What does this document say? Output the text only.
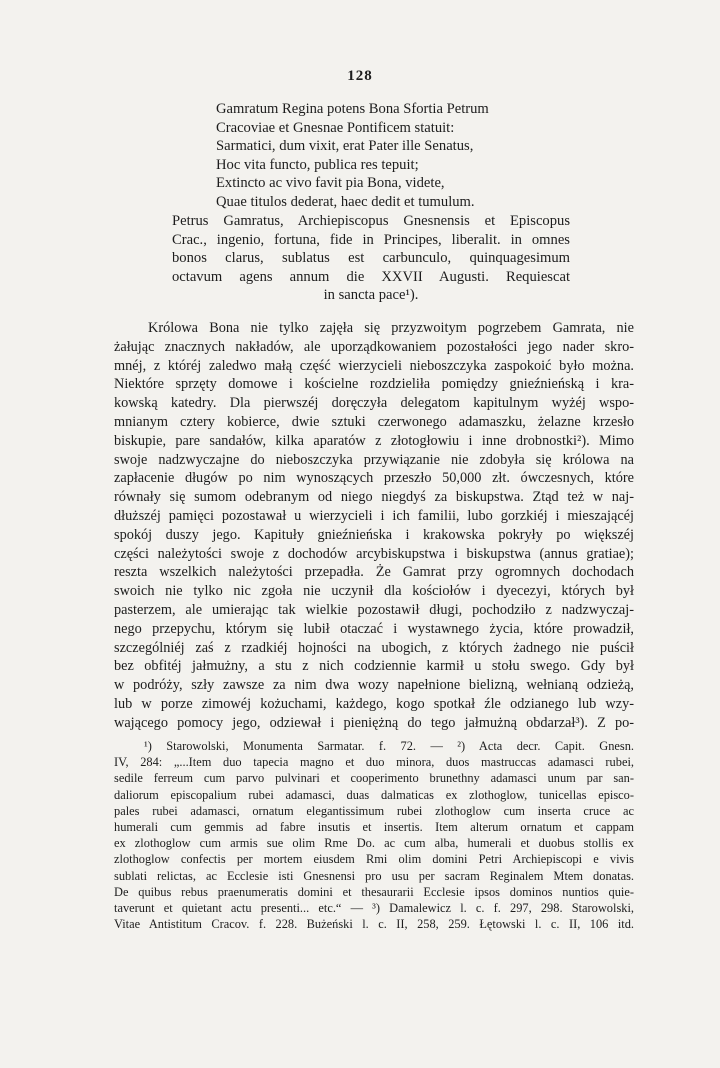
128
Gamratum Regina potens Bona Sfortia Petrum
Cracoviae et Gnesnae Pontificem statuit:
Sarmatici, dum vixit, erat Pater ille Senatus,
Hoc vita functo, publica res tepuit;
Extincto ac vivo favit pia Bona, videte,
Quae titulos dederat, haec dedit et tumulum.
Petrus Gamratus, Archiepiscopus Gnesnensis et Episcopus
Crac., ingenio, fortuna, fide in Principes, liberalit. in omnes
bonos clarus, sublatus est carbunculo, quinquagesimum
octavum agens annum die XXVII Augusti. Requiescat
in sancta pace¹).
Królowa Bona nie tylko zajęła się przyzwoitym pogrzebem Gamrata, nie
żałując znacznych nakładów, ale uporządkowaniem pozostałości jego nader skro-
mnéj, z któréj zaledwo małą część wierzycieli nieboszczyka zaspokoić było można.
Niektóre sprzęty domowe i kościelne rozdzieliła pomiędzy gnieźnieńską i kra-
kowską katedry. Dla pierwszéj doręczyła delegatom kapitulnym wyżéj wspo-
mnianym cztery kobierce, dwie sztuki czerwonego adamaszku, żelazne krzesło
biskupie, pare sandałów, kilka aparatów z złotogłowiu i inne drobnostki²). Mimo
swoje nadzwyczajne do nieboszczyka przywiązanie nie zdobyła się królowa na
zapłacenie długów po nim wynoszących przeszło 50,000 złt. ówczesnych, które
równały się sumom odebranym od niego niegdyś za biskupstwa. Ztąd też w naj-
dłuższéj pamięci pozostawał u wierzycieli i ich familii, lubo gorzkiéj i mieszającéj
spokój duszy jego. Kapituły gnieźnieńska i krakowska pokryły po większéj
części należytości swoje z dochodów arcybiskupstwa i biskupstwa (annus gratiae);
reszta wszelkich należytości przepadła. Że Gamrat przy ogromnych dochodach
swoich nie tylko nic zgoła nie uczynił dla kościołów i dyecezyi, których był
pasterzem, ale umierając tak wielkie pozostawił długi, pochodziło z nadzwyczaj-
nego przepychu, którym się lubił otaczać i wystawnego życia, które prowadził,
szczególniéj zaś z rzadkiéj hojności na ubogich, z których żadnego nie puścił
bez obfitéj jałmużny, a stu z nich codziennie karmił u stołu swego. Gdy był
w podróży, szły zawsze za nim dwa wozy napełnione bielizną, wełnianą odzieżą,
lub w porze zimowéj kożuchami, każdego, kogo spotkał źle odzianego lub wzy-
wającego pomocy jego, odziewał i pieniężną do tego jałmużną obdarzał³). Z po-
¹) Starowolski, Monumenta Sarmatar. f. 72. — ²) Acta decr. Capit. Gnesn.
IV, 284: „...Item duo tapecia magno et duo minora, duos mastruccas adamasci rubei,
sedile ferreum cum parvo pulvinari et cooperimento brunethny adamasci unum par san-
daliorum episcopalium rubei adamasci, duas dalmaticas ex zlothoglow, tunicellas episco-
pales rubei adamasci, ornatum elegantissimum rubei zlothoglow cum inserta cruce ac
humerali cum gemmis ad fabre insutis et insertis. Item alterum ornatum et cappam
ex zlothoglow cum armis sue olim Rme Do. ac cum alba, humerali et duobus stollis ex
zlothoglow confectis per mortem eiusdem Rmi olim domini Petri Archiepiscopi e vivis
sublati relictas, ac Ecclesie isti Gnesnensi pro usu per sacram Reginalem Mtem donatas.
De quibus rebus praenumeratis domini et thesaurarii Ecclesie ipsos dominos nuntios quie-
taverunt et quietant actu presenti... etc.“ — ³) Damalewicz l. c. f. 297, 298. Starowolski,
Vitae Antistitum Cracov. f. 228. Bużeński l. c. II, 258, 259. Łętowski l. c. II, 106 itd.
